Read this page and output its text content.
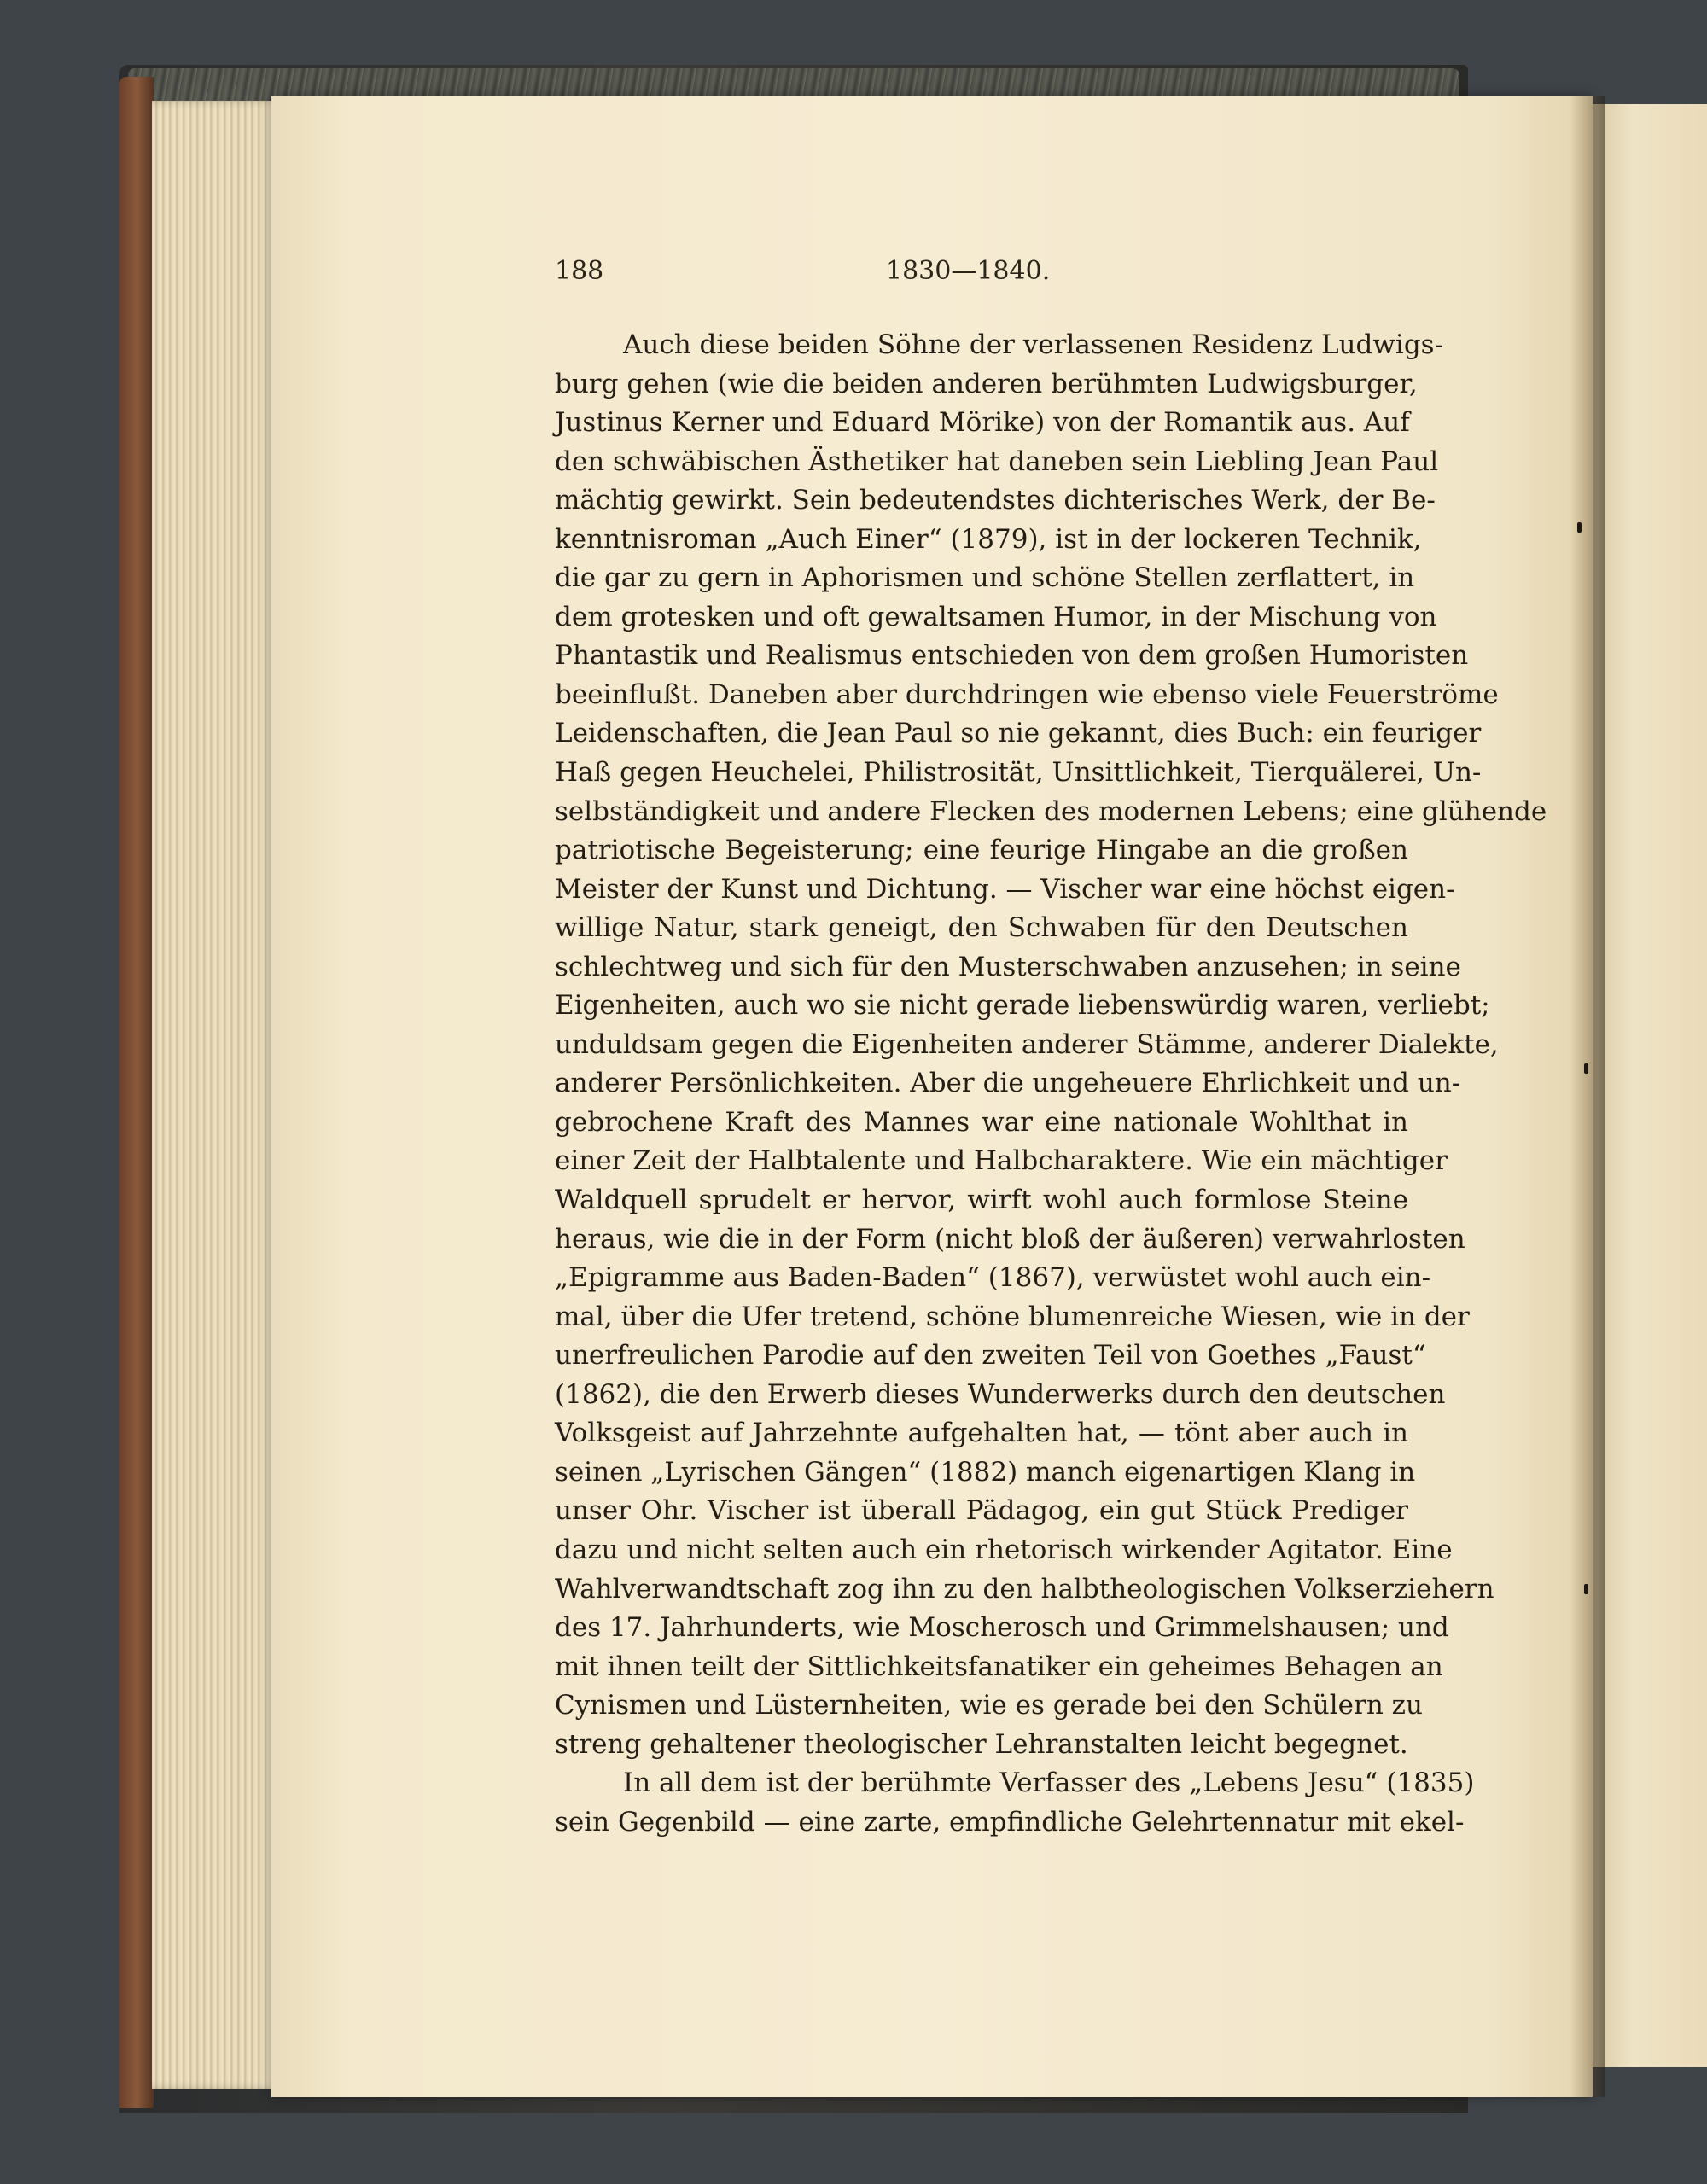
188	1830—1840.
Auch diese beiden Söhne der verlassenen Residenz Ludwigs-
burg gehen (wie die beiden anderen berühmten Ludwigsburger,
Justinus Kerner und Eduard Mörike) von der Romantik aus. Auf
den schwäbischen Ästhetiker hat daneben sein Liebling Jean Paul
mächtig gewirkt. Sein bedeutendstes dichterisches Werk, der Be-
kenntnisroman „Auch Einer“ (1879), ist in der lockeren Technik,
die gar zu gern in Aphorismen und schöne Stellen zerflattert, in
dem grotesken und oft gewaltsamen Humor, in der Mischung von
Phantastik und Realismus entschieden von dem großen Humoristen
beeinflußt. Daneben aber durchdringen wie ebenso viele Feuerströme
Leidenschaften, die Jean Paul so nie gekannt, dies Buch: ein feuriger
Haß gegen Heuchelei, Philistrosität, Unsittlichkeit, Tierquälerei, Un-
selbständigkeit und andere Flecken des modernen Lebens; eine glühende
patriotische Begeisterung; eine feurige Hingabe an die großen
Meister der Kunst und Dichtung. — Vischer war eine höchst eigen-
willige Natur, stark geneigt, den Schwaben für den Deutschen
schlechtweg und sich für den Musterschwaben anzusehen; in seine
Eigenheiten, auch wo sie nicht gerade liebenswürdig waren, verliebt;
unduldsam gegen die Eigenheiten anderer Stämme, anderer Dialekte,
anderer Persönlichkeiten. Aber die ungeheuere Ehrlichkeit und un-
gebrochene Kraft des Mannes war eine nationale Wohlthat in
einer Zeit der Halbtalente und Halbcharaktere. Wie ein mächtiger
Waldquell sprudelt er hervor, wirft wohl auch formlose Steine
heraus, wie die in der Form (nicht bloß der äußeren) verwahrlosten
„Epigramme aus Baden-Baden“ (1867), verwüstet wohl auch ein-
mal, über die Ufer tretend, schöne blumenreiche Wiesen, wie in der
unerfreulichen Parodie auf den zweiten Teil von Goethes „Faust“
(1862), die den Erwerb dieses Wunderwerks durch den deutschen
Volksgeist auf Jahrzehnte aufgehalten hat, — tönt aber auch in
seinen „Lyrischen Gängen“ (1882) manch eigenartigen Klang in
unser Ohr. Vischer ist überall Pädagog, ein gut Stück Prediger
dazu und nicht selten auch ein rhetorisch wirkender Agitator. Eine
Wahlverwandtschaft zog ihn zu den halbtheologischen Volkserziehern
des 17. Jahrhunderts, wie Moscherosch und Grimmelshausen; und
mit ihnen teilt der Sittlichkeitsfanatiker ein geheimes Behagen an
Cynismen und Lüsternheiten, wie es gerade bei den Schülern zu
streng gehaltener theologischer Lehranstalten leicht begegnet.
In all dem ist der berühmte Verfasser des „Lebens Jesu“ (1835)
sein Gegenbild — eine zarte, empfindliche Gelehrtennatur mit ekel-
